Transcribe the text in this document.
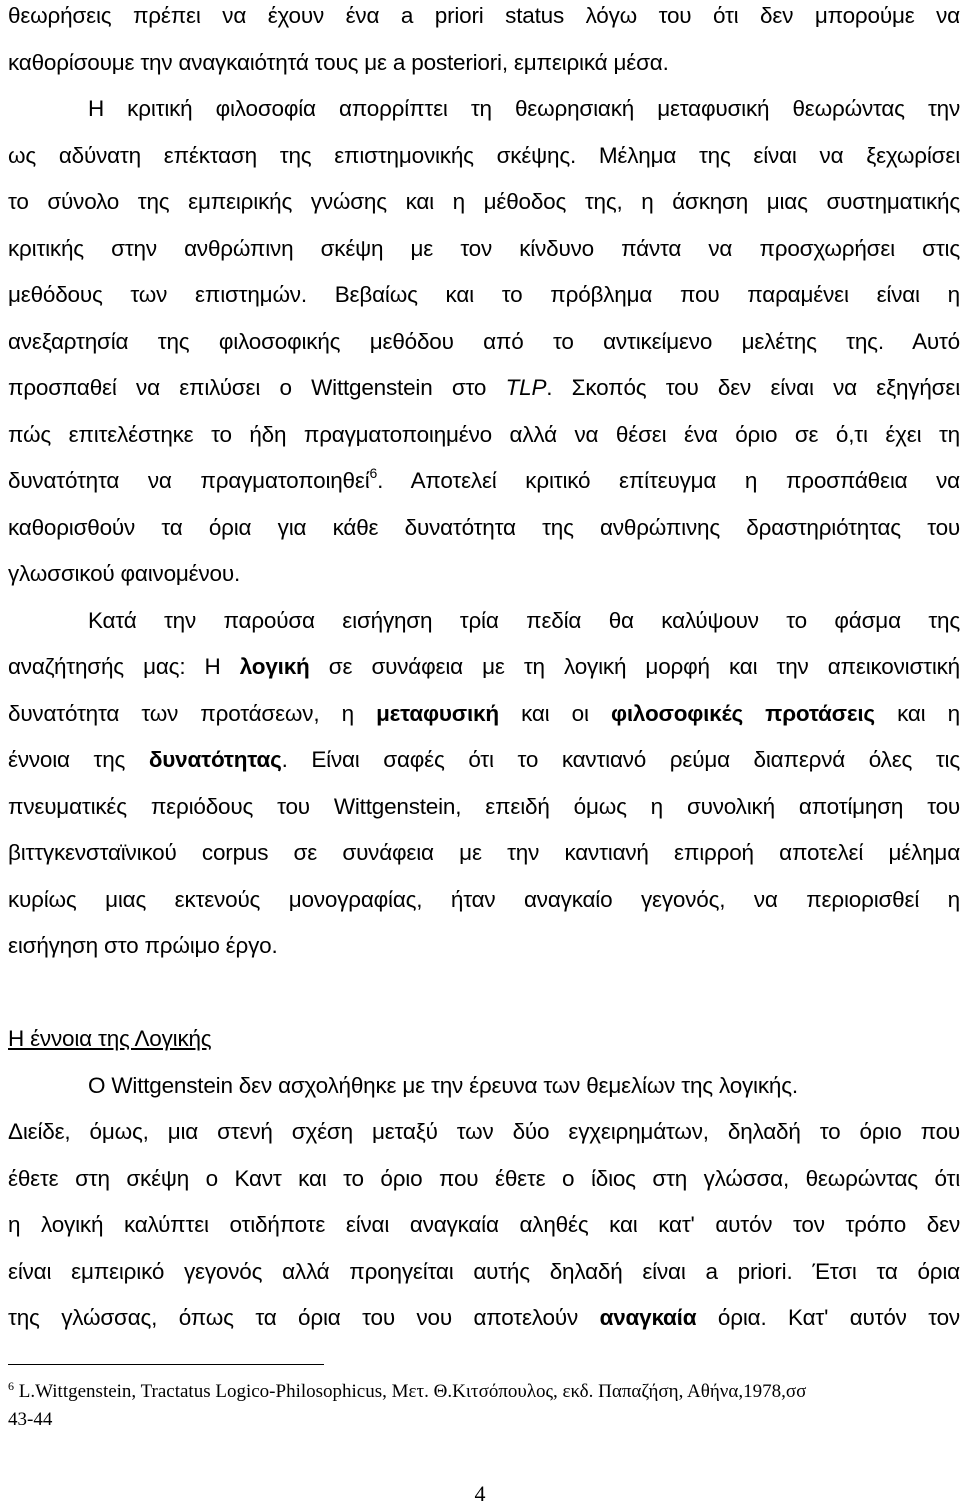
θεωρήσεις πρέπει να έχουν ένα a priori status λόγω του ότι δεν μπορούμε να
καθορίσουμε την αναγκαιότητά τους με a posteriori, εμπειρικά μέσα.
Η κριτική φιλοσοφία απορρίπτει τη θεωρησιακή μεταφυσική θεωρώντας την
ως αδύνατη επέκταση της επιστημονικής σκέψης. Μέλημα της είναι να ξεχωρίσει
το σύνολο της εμπειρικής γνώσης και η μέθοδος της, η άσκηση μιας συστηματικής
κριτικής στην ανθρώπινη σκέψη με τον κίνδυνο πάντα να προσχωρήσει στις
μεθόδους των επιστημών. Βεβαίως και το πρόβλημα που παραμένει είναι η
ανεξαρτησία της φιλοσοφικής μεθόδου από το αντικείμενο μελέτης της. Αυτό
προσπαθεί να επιλύσει ο Wittgenstein στο TLP. Σκοπός του δεν είναι να εξηγήσει
πώς επιτελέστηκε το ήδη πραγματοποιημένο αλλά να θέσει ένα όριο σε ό,τι έχει τη
δυνατότητα να πραγματοποιηθεί$^6$. Αποτελεί κριτικό επίτευγμα η προσπάθεια να
καθορισθούν τα όρια για κάθε δυνατότητα της ανθρώπινης δραστηριότητας του
γλωσσικού φαινομένου.
Κατά την παρούσα εισήγηση τρία πεδία θα καλύψουν το φάσμα της
αναζήτησής μας: Η λογική σε συνάφεια με τη λογική μορφή και την απεικονιστική
δυνατότητα των προτάσεων, η μεταφυσική και οι φιλοσοφικές προτάσεις και η
έννοια της δυνατότητας. Είναι σαφές ότι το καντιανό ρεύμα διαπερνά όλες τις
πνευματικές περιόδους του Wittgenstein, επειδή όμως η συνολική αποτίμηση του
βιττγκενσταϊνικού corpus σε συνάφεια με την καντιανή επιρροή αποτελεί μέλημα
κυρίως μιας εκτενούς μονογραφίας, ήταν αναγκαίο γεγονός, να περιορισθεί η
εισήγηση στο πρώιμο έργο.
Η έννοια της Λογικής
Ο Wittgenstein δεν ασχολήθηκε με την έρευνα των θεμελίων της λογικής.
Διείδε, όμως, μια στενή σχέση μεταξύ των δύο εγχειρημάτων, δηλαδή το όριο που
έθετε στη σκέψη ο Καντ και το όριο που έθετε ο ίδιος στη γλώσσα, θεωρώντας ότι
η λογική καλύπτει οτιδήποτε είναι αναγκαία αληθές και κατ' αυτόν τον τρόπο δεν
είναι εμπειρικό γεγονός αλλά προηγείται αυτής δηλαδή είναι a priori. Έτσι τα όρια
της γλώσσας, όπως τα όρια του νου αποτελούν αναγκαία όρια. Κατ' αυτόν τον
$^6$ L.Wittgenstein, Tractatus Logico-Philosophicus, Μετ. Θ.Κιτσόπουλος, εκδ. Παπαζήση, Αθήνα,1978,σσ
43-44
4
